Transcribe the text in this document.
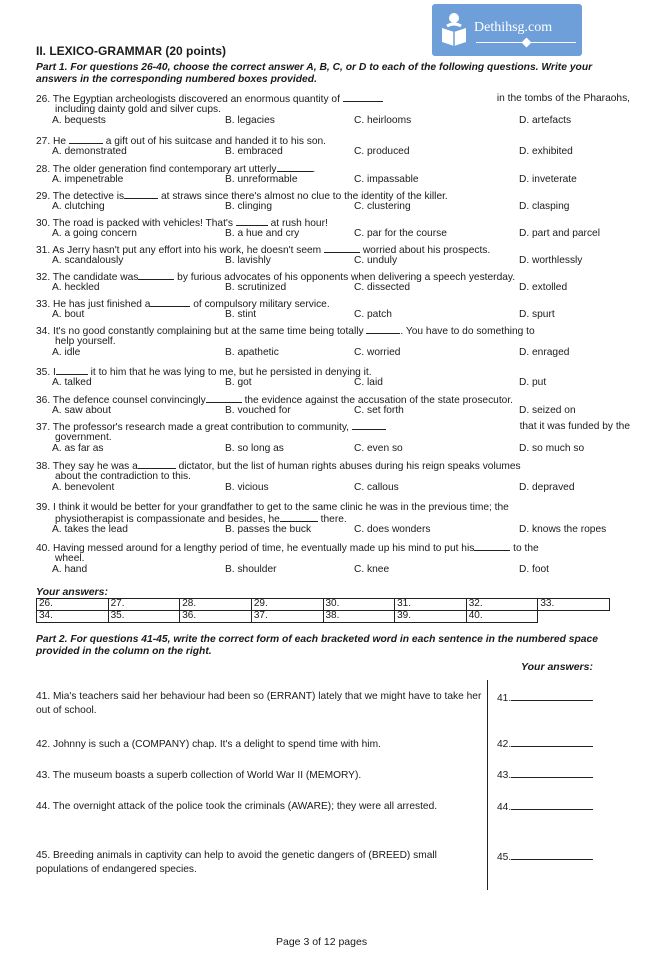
Dethihsg.com
II. LEXICO-GRAMMAR (20 points)
Part 1. For questions 26-40, choose the correct answer A, B, C, or D to each of the following questions. Write your answers in the corresponding numbered boxes provided.
26. The Egyptian archeologists discovered an enormous quantity of	in the tombs of the Pharaohs,
including dainty gold and silver cups.
A. bequests	B. legacies	C. heirlooms	D. artefacts
27. He	a gift out of his suitcase and handed it to his son.
A. demonstrated	B. embraced	C. produced	D. exhibited
28. The older generation find contemporary art utterly	.
A. impenetrable	B. unreformable	C. impassable	D. inveterate
29. The detective is	at straws since there's almost no clue to the identity of the killer.
A. clutching	B. clinging	C. clustering	D. clasping
30. The road is packed with vehicles! That's	at rush hour!
A. a going concern	B. a hue and cry	C. par for the course	D. part and parcel
31. As Jerry hasn't put any effort into his work, he doesn't seem	worried about his prospects.
A. scandalously	B. lavishly	C. unduly	D. worthlessly
32. The candidate was	by furious advocates of his opponents when delivering a speech yesterday.
A. heckled	B. scrutinized	C. dissected	D. extolled
33. He has just finished a	of compulsory military service.
A. bout	B. stint	C. patch	D. spurt
34. It's no good constantly complaining but at the same time being totally	. You have to do something to
help yourself.
A. idle	B. apathetic	C. worried	D. enraged
35. I	it to him that he was lying to me, but he persisted in denying it.
A. talked	B. got	C. laid	D. put
36. The defence counsel convincingly	the evidence against the accusation of the state prosecutor.
A. saw about	B. vouched for	C. set forth	D. seized on
37. The professor's research made a great contribution to community,	that it was funded by the
government.
A. as far as	B. so long as	C. even so	D. so much so
38. They say he was a	dictator, but the list of human rights abuses during his reign speaks volumes
about the contradiction to this.
A. benevolent	B. vicious	C. callous	D. depraved
39. I think it would be better for your grandfather to get to the same clinic he was in the previous time; the
physiotherapist is compassionate and besides, he	there.
A. takes the lead	B. passes the buck	C. does wonders	D. knows the ropes
40. Having messed around for a lengthy period of time, he eventually made up his mind to put his	to the
wheel.
A. hand	B. shoulder	C. knee	D. foot
Your answers:
26.	27.	28.	29.	30.	31.	32.	33.
34.	35.	36.	37.	38.	39.	40.	
Part 2. For questions 41-45, write the correct form of each bracketed word in each sentence in the numbered space provided in the column on the right.
Your answers:
41. Mia's teachers said her behaviour had been so (ERRANT) lately that we might have to take her out of school.
41.
42. Johnny is such a (COMPANY) chap. It's a delight to spend time with him.	42.
43. The museum boasts a superb collection of World War II (MEMORY).	43.
44. The overnight attack of the police took the criminals (AWARE); they were all arrested.	44.
45. Breeding animals in captivity can help to avoid the genetic dangers of (BREED) small populations of endangered species.
45.
Page 3 of 12 pages
